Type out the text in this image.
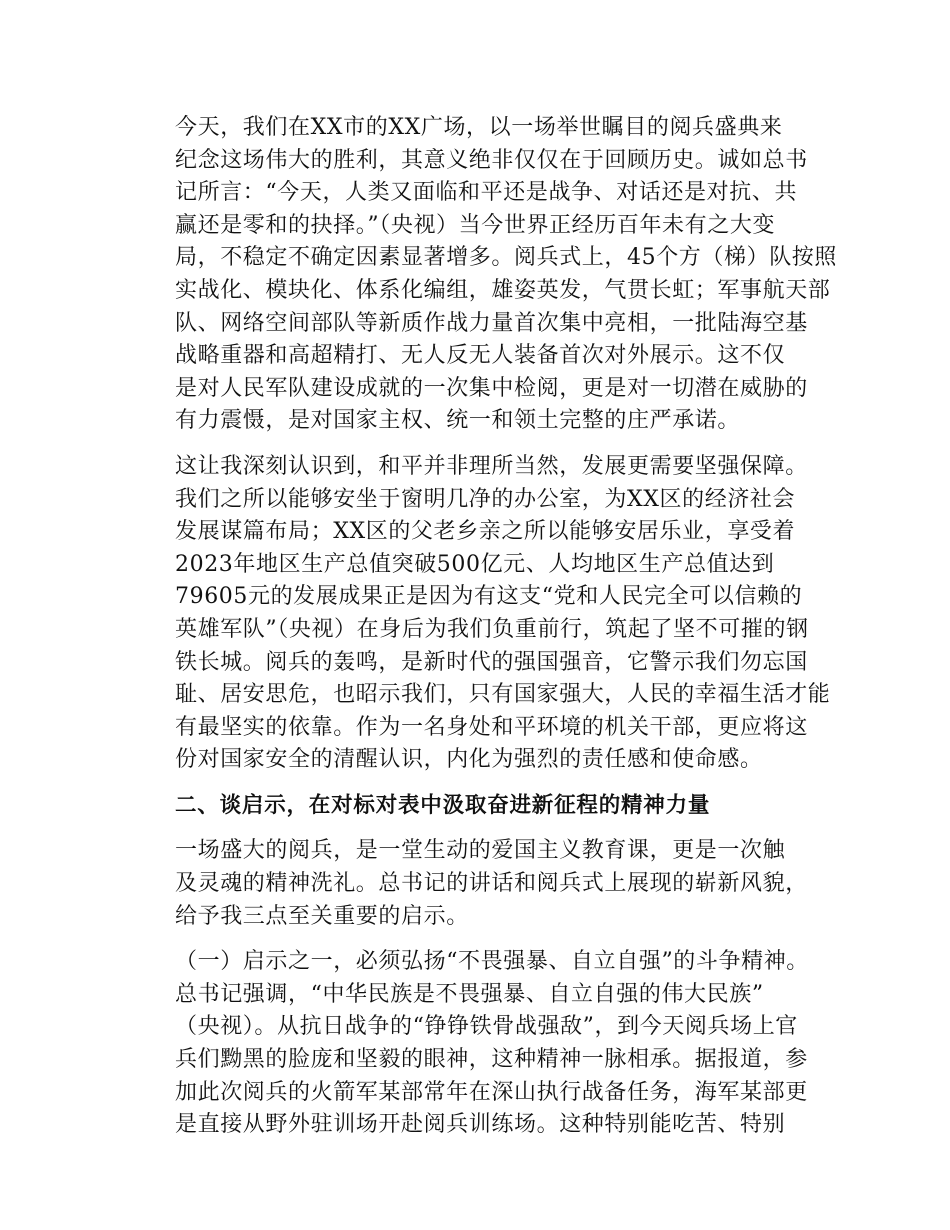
今天，我们在XX市的XX广场，以一场举世瞩目的阅兵盛典来
纪念这场伟大的胜利，其意义绝非仅仅在于回顾历史。诚如总书
记所言：“今天，人类又面临和平还是战争、对话还是对抗、共
赢还是零和的抉择。”（央视）当今世界正经历百年未有之大变
局，不稳定不确定因素显著增多。阅兵式上，45个方（梯）队按照
实战化、模块化、体系化编组，雄姿英发，气贯长虹；军事航天部
队、网络空间部队等新质作战力量首次集中亮相，一批陆海空基
战略重器和高超精打、无人反无人装备首次对外展示。这不仅
是对人民军队建设成就的一次集中检阅，更是对一切潜在威胁的
有力震慑，是对国家主权、统一和领土完整的庄严承诺。

这让我深刻认识到，和平并非理所当然，发展更需要坚强保障。
我们之所以能够安坐于窗明几净的办公室，为XX区的经济社会
发展谋篇布局；XX区的父老乡亲之所以能够安居乐业，享受着
2023年地区生产总值突破500亿元、人均地区生产总值达到
79605元的发展成果正是因为有这支“党和人民完全可以信赖的
英雄军队”（央视）在身后为我们负重前行，筑起了坚不可摧的钢
铁长城。阅兵的轰鸣，是新时代的强国强音，它警示我们勿忘国
耻、居安思危，也昭示我们，只有国家强大，人民的幸福生活才能
有最坚实的依靠。作为一名身处和平环境的机关干部，更应将这
份对国家安全的清醒认识，内化为强烈的责任感和使命感。

二、谈启示，在对标对表中汲取奋进新征程的精神力量

一场盛大的阅兵，是一堂生动的爱国主义教育课，更是一次触
及灵魂的精神洗礼。总书记的讲话和阅兵式上展现的崭新风貌，
给予我三点至关重要的启示。

（一）启示之一，必须弘扬“不畏强暴、自立自强”的斗争精神。
总书记强调，“中华民族是不畏强暴、自立自强的伟大民族”
（央视）。从抗日战争的“铮铮铁骨战强敌”，到今天阅兵场上官
兵们黝黑的脸庞和坚毅的眼神，这种精神一脉相承。据报道，参
加此次阅兵的火箭军某部常年在深山执行战备任务，海军某部更
是直接从野外驻训场开赴阅兵训练场。这种特别能吃苦、特别
